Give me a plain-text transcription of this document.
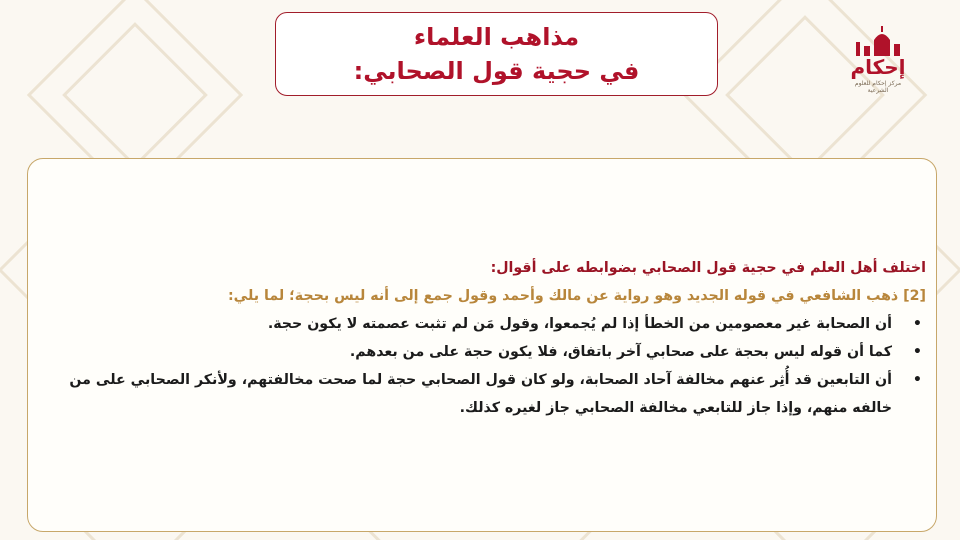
مذاهب العلماء
في حجية قول الصحابي:	إحكام
مركز إحكام للعلوم الشرعية
اختلف أهل العلم في حجية قول الصحابي بضوابطه على أقوال:
[2] ذهب الشافعي في قوله الجديد وهو رواية عن مالك وأحمد وقول جمع إلى أنه ليس بحجة؛ لما يلي:
• أن الصحابة غير معصومين من الخطأ إذا لم يُجمعوا، وقول مَن لم تثبت عصمته لا يكون حجة.
• كما أن قوله ليس بحجة على صحابي آخر باتفاق، فلا يكون حجة على من بعدهم.
• أن التابعين قد أُثِر عنهم مخالفة آحاد الصحابة، ولو كان قول الصحابي حجة لما صحت مخالفتهم، ولأنكر الصحابي على من خالفه منهم، وإذا جاز للتابعي مخالفة الصحابي جاز لغيره كذلك.
